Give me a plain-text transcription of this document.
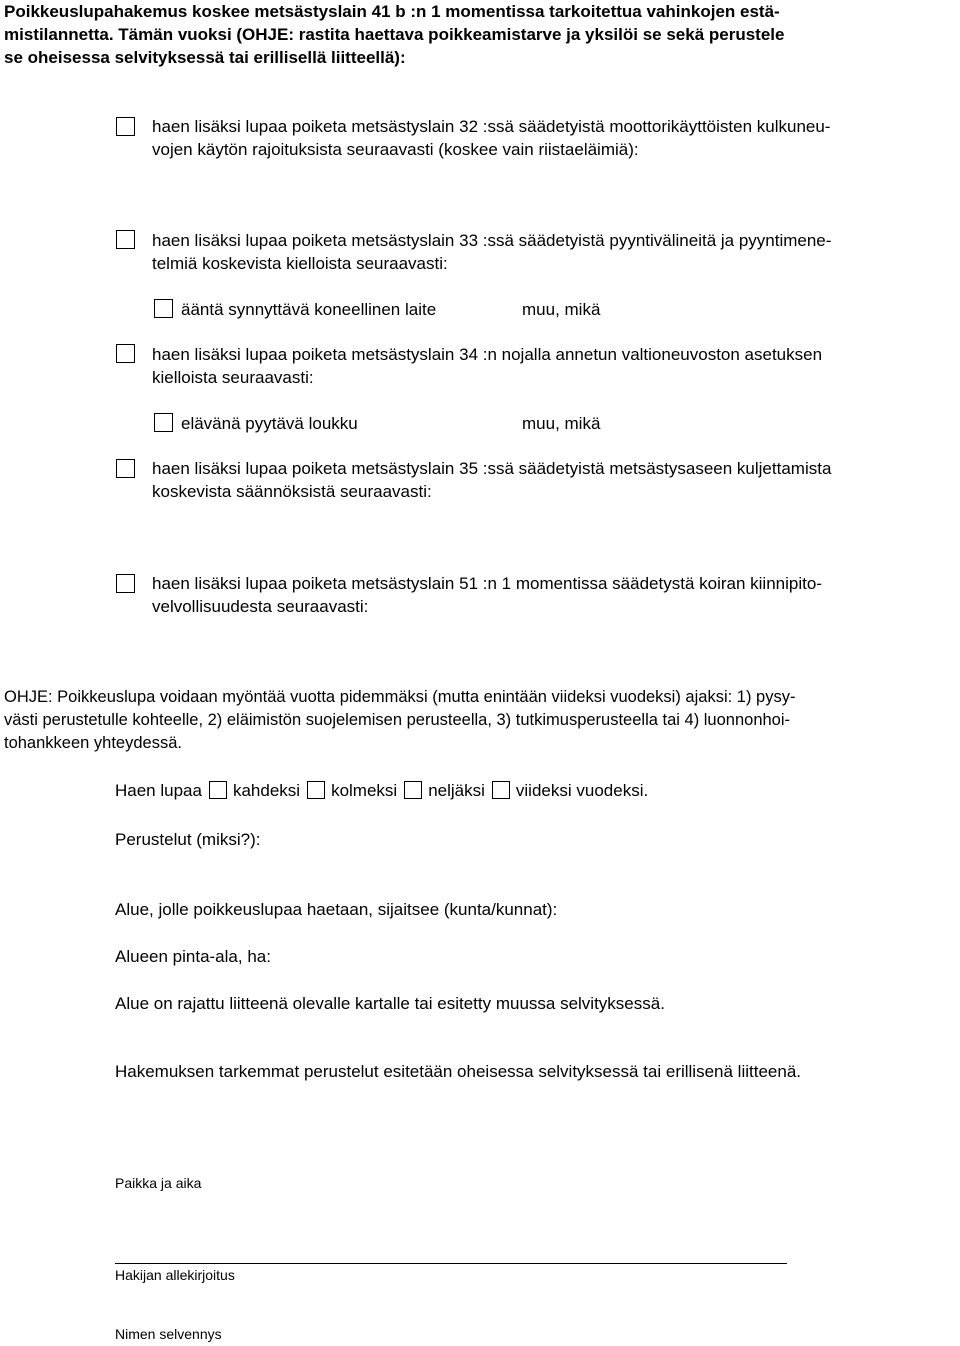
Poikkeuslupahakemus koskee metsästyslain 41 b :n 1 momentissa tarkoitettua vahinkojen estä-
mistilannetta. Tämän vuoksi (OHJE: rastita haettava poikkeamistarve ja yksilöi se sekä perustele
se oheisessa selvityksessä tai erillisellä liitteellä):
haen lisäksi lupaa poiketa metsästyslain 32 :ssä säädetyistä moottorikäyttöisten kulkuneu-
vojen käytön rajoituksista seuraavasti (koskee vain riistaeläimiä):
haen lisäksi lupaa poiketa metsästyslain 33 :ssä säädetyistä pyyntivälineitä ja pyyntimene-
telmiä koskevista kielloista seuraavasti:
ääntä synnyttävä koneellinen laite	muu, mikä
haen lisäksi lupaa poiketa metsästyslain 34 :n nojalla annetun valtioneuvoston asetuksen
kielloista seuraavasti:
elävänä pyytävä loukku	muu, mikä
haen lisäksi lupaa poiketa metsästyslain 35 :ssä säädetyistä metsästysaseen kuljettamista
koskevista säännöksistä seuraavasti:
haen lisäksi lupaa poiketa metsästyslain 51 :n 1 momentissa säädetystä koiran kiinnipito-
velvollisuudesta seuraavasti:
OHJE: Poikkeuslupa voidaan myöntää vuotta pidemmäksi (mutta enintään viideksi vuodeksi) ajaksi: 1) pysy-
västi perustetulle kohteelle, 2) eläimistön suojelemisen perusteella, 3) tutkimusperusteella tai 4) luonnonhoi-
tohankkeen yhteydessä.
Haen lupaa kahdeksi kolmeksi neljäksi viideksi vuodeksi.
Perustelut (miksi?):
Alue, jolle poikkeuslupaa haetaan, sijaitsee (kunta/kunnat):
Alueen pinta-ala, ha:
Alue on rajattu liitteenä olevalle kartalle tai esitetty muussa selvityksessä.
Hakemuksen tarkemmat perustelut esitetään oheisessa selvityksessä tai erillisenä liitteenä.
Paikka ja aika
Hakijan allekirjoitus
Nimen selvennys
